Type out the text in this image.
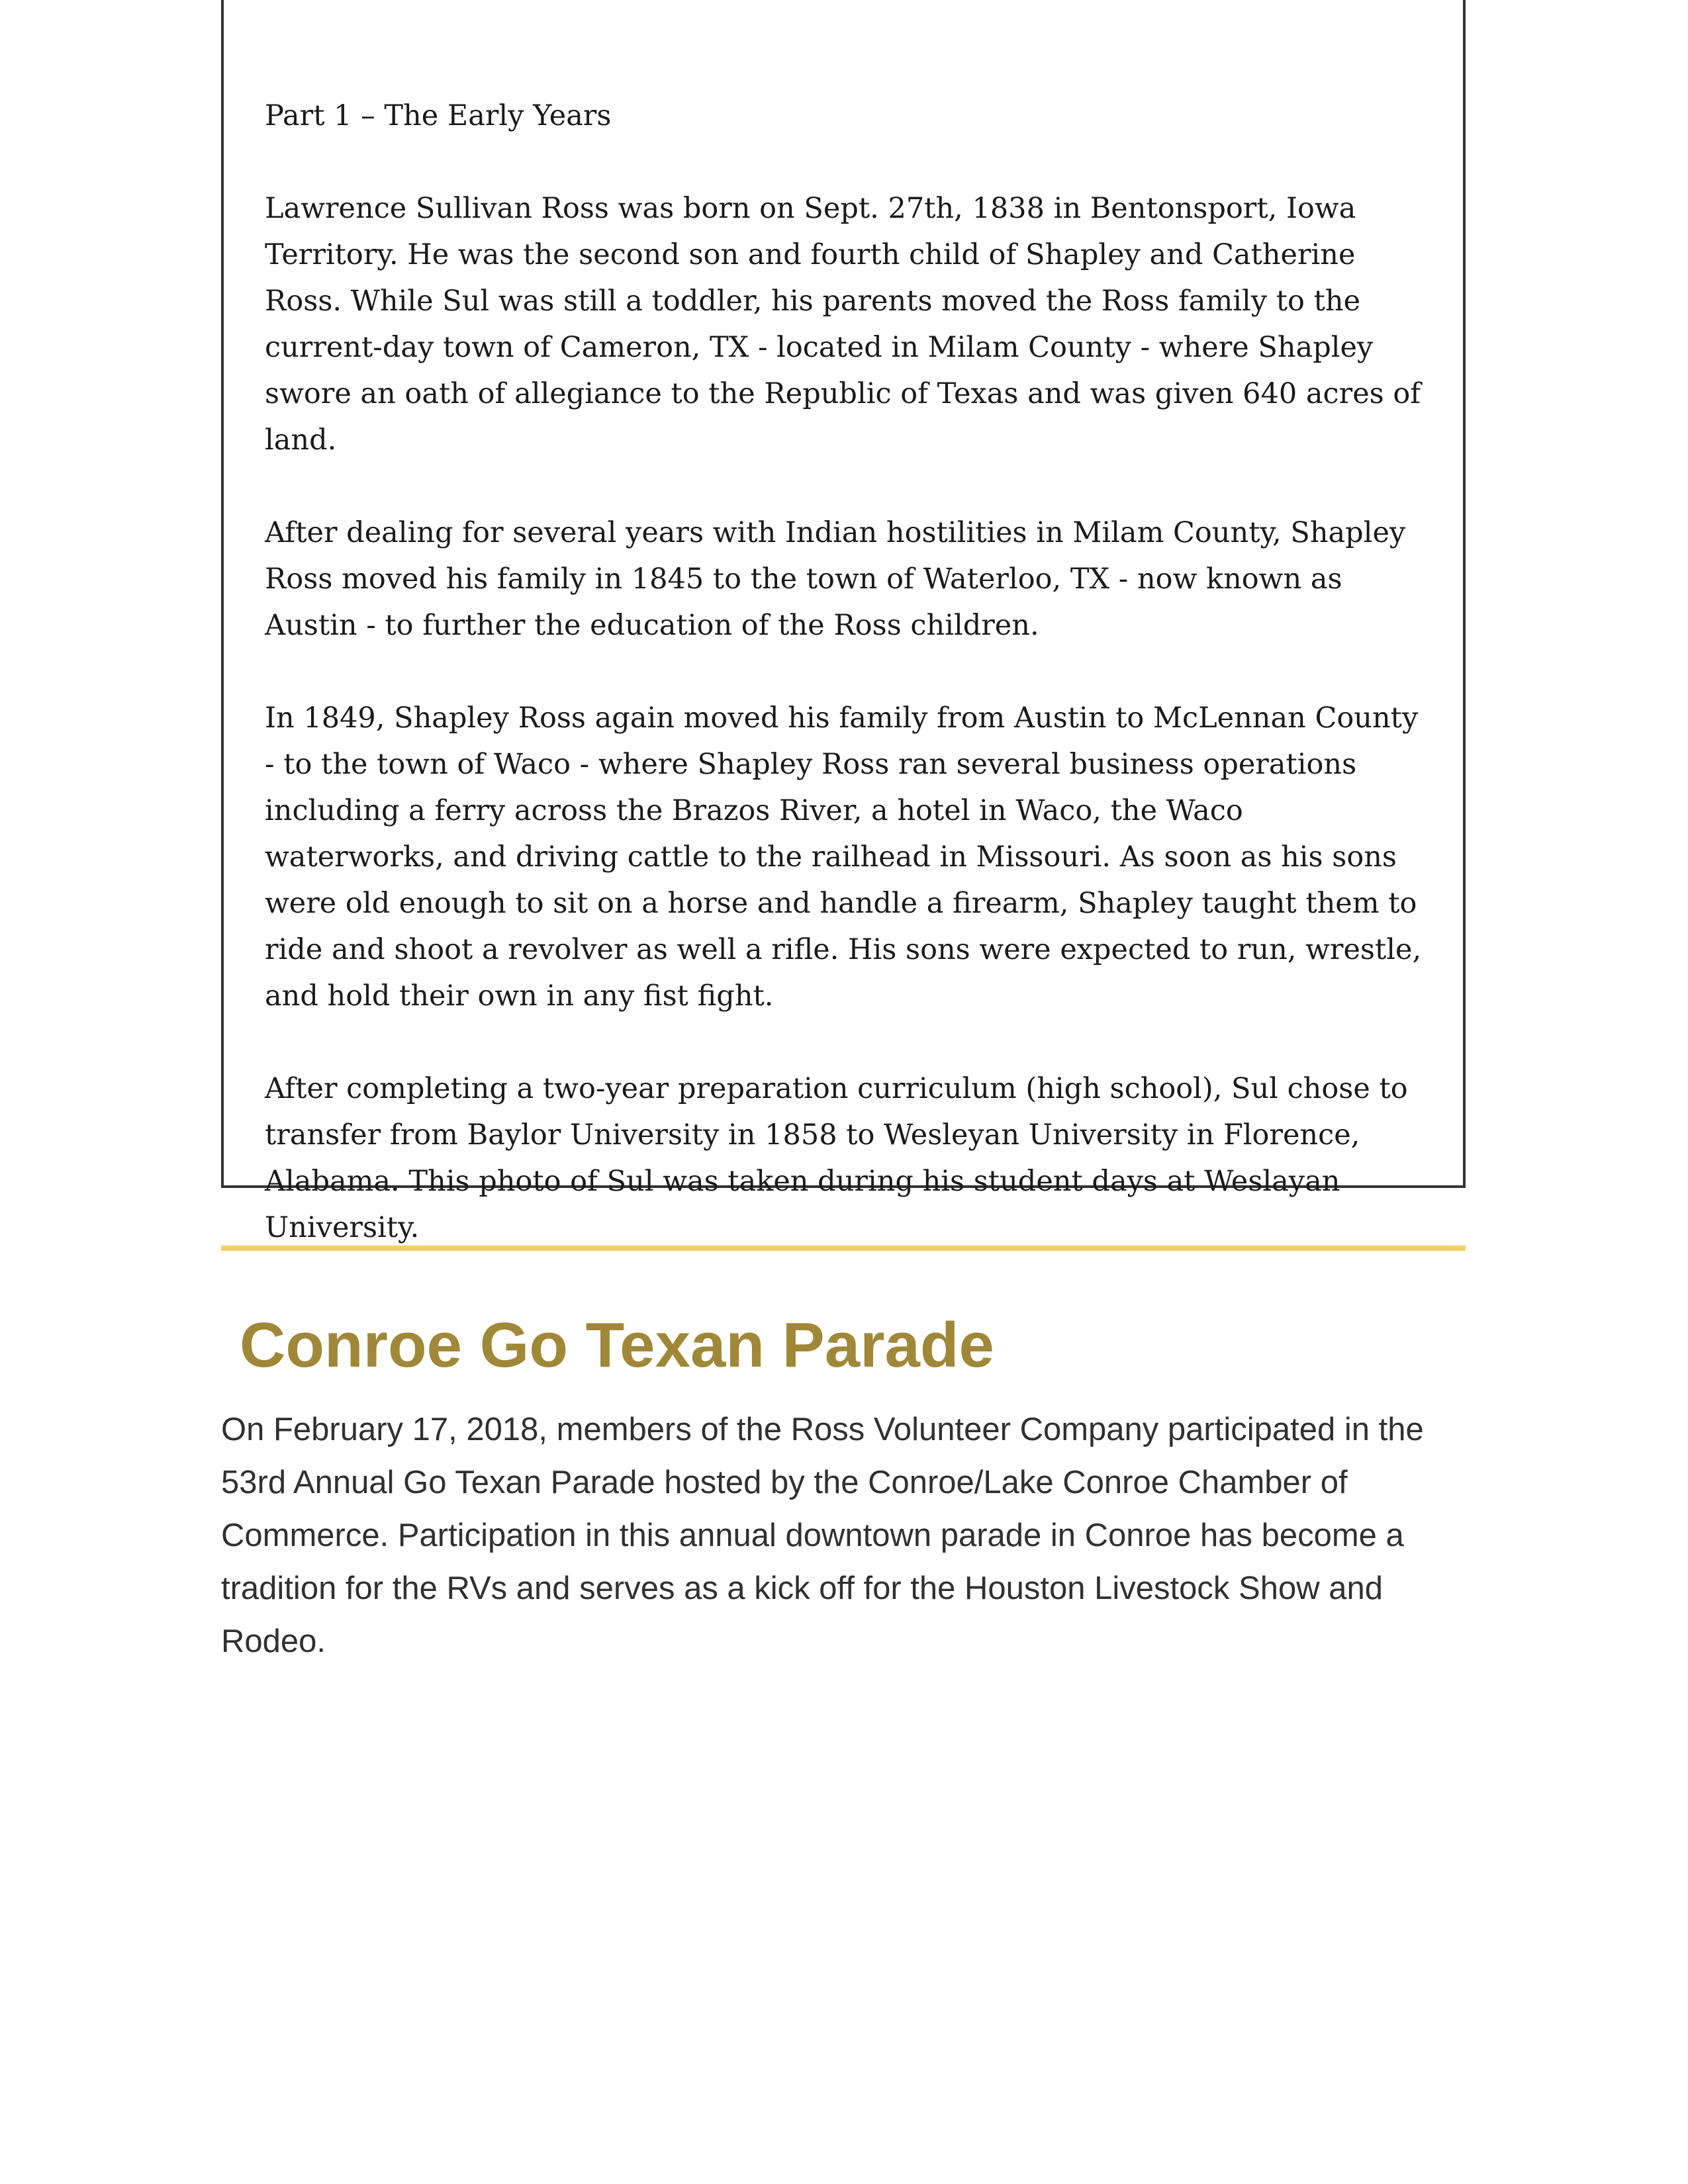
Part 1 – The Early Years

Lawrence Sullivan Ross was born on Sept. 27th, 1838 in Bentonsport, Iowa Territory. He was the second son and fourth child of Shapley and Catherine Ross. While Sul was still a toddler, his parents moved the Ross family to the current-day town of Cameron, TX - located in Milam County - where Shapley swore an oath of allegiance to the Republic of Texas and was given 640 acres of land.

After dealing for several years with Indian hostilities in Milam County, Shapley Ross moved his family in 1845 to the town of Waterloo, TX - now known as Austin - to further the education of the Ross children.

In 1849, Shapley Ross again moved his family from Austin to McLennan County - to the town of Waco - where Shapley Ross ran several business operations including a ferry across the Brazos River, a hotel in Waco, the Waco waterworks, and driving cattle to the railhead in Missouri. As soon as his sons were old enough to sit on a horse and handle a firearm, Shapley taught them to ride and shoot a revolver as well a rifle. His sons were expected to run, wrestle, and hold their own in any fist fight.

After completing a two-year preparation curriculum (high school), Sul chose to transfer from Baylor University in 1858 to Wesleyan University in Florence, Alabama. This photo of Sul was taken during his student days at Weslayan University.

Conroe Go Texan Parade

On February 17, 2018, members of the Ross Volunteer Company participated in the 53rd Annual Go Texan Parade hosted by the Conroe/Lake Conroe Chamber of Commerce. Participation in this annual downtown parade in Conroe has become a tradition for the RVs and serves as a kick off for the Houston Livestock Show and Rodeo.
